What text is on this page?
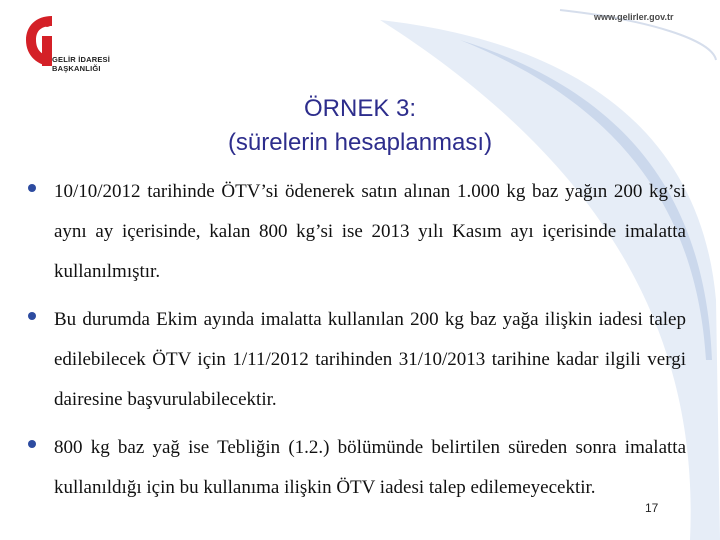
GELİR İDARESİ
BAŞKANLIĞI
www.gelirler.gov.tr
ÖRNEK 3:
(sürelerin hesaplanması)
10/10/2012 tarihinde ÖTV’si ödenerek satın alınan 1.000 kg baz yağın 200 kg’si aynı ay içerisinde, kalan 800 kg’si ise 2013 yılı Kasım ayı içerisinde imalatta kullanılmıştır.
Bu durumda Ekim ayında imalatta kullanılan 200 kg baz yağa ilişkin iadesi talep edilebilecek ÖTV için 1/11/2012 tarihinden 31/10/2013 tarihine kadar ilgili vergi dairesine başvurulabilecektir.
800 kg baz yağ ise Tebliğin (1.2.) bölümünde belirtilen süreden sonra imalatta kullanıldığı için bu kullanıma ilişkin ÖTV iadesi talep edilemeyecektir.
17
